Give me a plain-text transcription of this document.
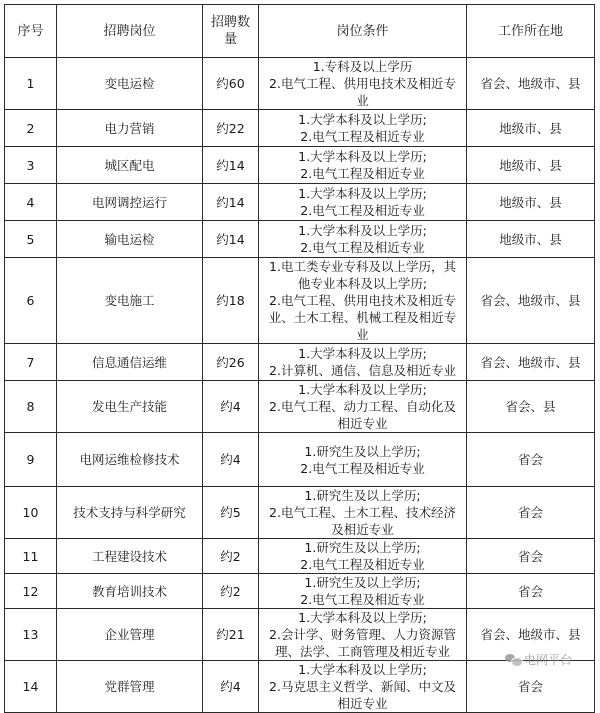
序号	招聘岗位	招聘数量	岗位条件	工作所在地
1	变电运检	约60	1.专科及以上学历
2.电气工程、供用电技术及相近专
业	省会、地级市、县
2	电力营销	约22	1.大学本科及以上学历;
2.电气工程及相近专业	地级市、县
3	城区配电	约14	1.大学本科及以上学历;
2.电气工程及相近专业	地级市、县
4	电网调控运行	约14	1.大学本科及以上学历;
2.电气工程及相近专业	地级市、县
5	输电运检	约14	1.大学本科及以上学历;
2.电气工程及相近专业	地级市、县
6	变电施工	约18	1.电工类专业专科及以上学历，其
他专业本科及以上学历;
2.电气工程、供用电技术及相近专
业、土木工程、机械工程及相近专
业	省会、地级市、县
7	信息通信运维	约26	1.大学本科及以上学历;
2.计算机、通信、信息及相近专业	省会、地级市、县
8	发电生产技能	约4	1.大学本科及以上学历;
2.电气工程、动力工程、自动化及
相近专业	省会、县
9	电网运维检修技术	约4	1.研究生及以上学历;
2.电气工程及相近专业	省会
10	技术支持与科学研究	约5	1.研究生及以上学历;
2.电气工程、土木工程、技术经济
及相近专业	省会
11	工程建设技术	约2	1.研究生及以上学历;
2.电气工程及相近专业	省会
12	教育培训技术	约2	1.研究生及以上学历;
2.电气工程及相近专业	省会
13	企业管理	约21	1.大学本科及以上学历;
2.会计学、财务管理、人力资源管
理、法学、工商管理及相近专业	省会、地级市、县
14	党群管理	约4	1.大学本科及以上学历;
2.马克思主义哲学、新闻、中文及
相近专业	省会
电网平台
